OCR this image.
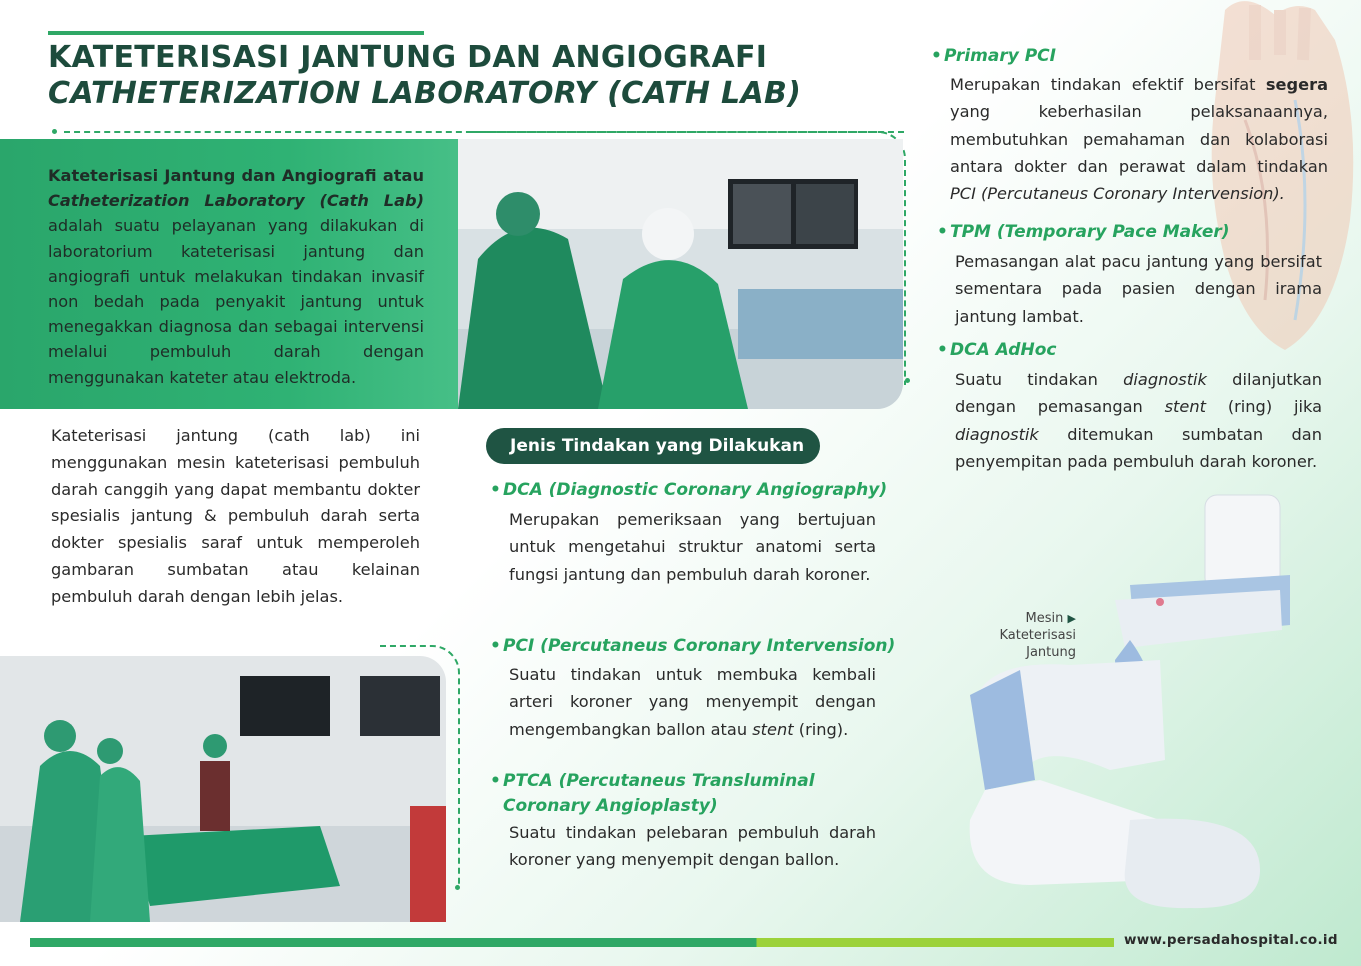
KATETERISASI JANTUNG DAN ANGIOGRAFI
CATHETERIZATION LABORATORY (CATH LAB)
Kateterisasi Jantung dan Angiografi atau Catheterization Laboratory (Cath Lab) adalah suatu pelayanan yang dilakukan di laboratorium kateterisasi jantung dan angiografi untuk melakukan tindakan invasif non bedah pada penyakit jantung untuk menegakkan diagnosa dan sebagai intervensi melalui pembuluh darah dengan menggunakan kateter atau elektroda.
Kateterisasi jantung (cath lab) ini menggunakan mesin kateterisasi pembuluh darah canggih yang dapat membantu dokter spesialis jantung & pembuluh darah serta dokter spesialis saraf untuk memperoleh gambaran sumbatan atau kelainan pembuluh darah dengan lebih jelas.
Jenis Tindakan yang Dilakukan
• DCA (Diagnostic Coronary Angiography)
Merupakan pemeriksaan yang bertujuan untuk mengetahui struktur anatomi serta fungsi jantung dan pembuluh darah koroner.
• PCI (Percutaneus Coronary Intervension)
Suatu tindakan untuk membuka kembali arteri koroner yang menyempit dengan mengembangkan ballon atau stent (ring).
• PTCA (Percutaneus Transluminal
Coronary Angioplasty)
Suatu tindakan pelebaran pembuluh darah koroner yang menyempit dengan ballon.
• Primary PCI
Merupakan tindakan efektif bersifat segera yang keberhasilan pelaksanaannya, membutuhkan pemahaman dan kolaborasi antara dokter dan perawat dalam tindakan PCI (Percutaneus Coronary Intervension).
• TPM (Temporary Pace Maker)
Pemasangan alat pacu jantung yang bersifat sementara pada pasien dengan irama jantung lambat.
• DCA AdHoc
Suatu tindakan diagnostik dilanjutkan dengan pemasangan stent (ring) jika diagnostik ditemukan sumbatan dan penyempitan pada pembuluh darah koroner.
Mesin ▶
Kateterisasi
Jantung
www.persadahospital.co.id
